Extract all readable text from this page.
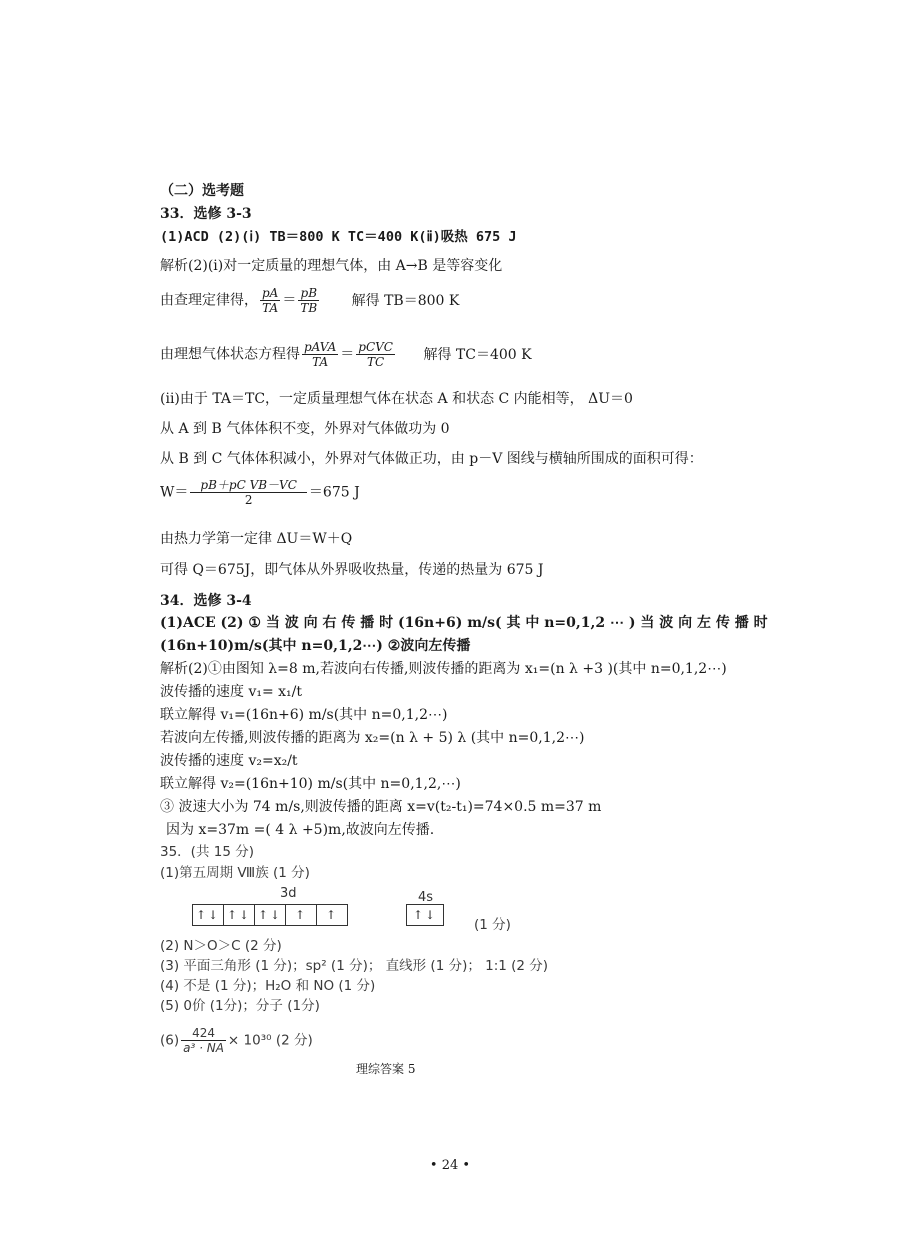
（二）选考题
33．选修 3-3
(1)ACD (2)(ⅰ) TB＝800 K TC＝400 K(ⅱ)吸热 675 J
解析(2)(ⅰ)对一定质量的理想气体，由 A→B 是等容变化
由查理定律得， $\frac{pA}{TA} = \frac{pB}{TB}$ 解得 TB＝800 K
由理想气体状态方程得 $\frac{\text{pAVA}}{TA} = \frac{\text{pCVC}}{TC}$ 解得 TC＝400 K
(ⅱ)由于 TA＝TC，一定质量理想气体在状态 A 和状态 C 内能相等， ΔU＝0
从 A 到 B 气体体积不变，外界对气体做功为 0
从 B 到 C 气体体积减小，外界对气体做正功，由 p－V 图线与横轴所围成的面积可得：
$W= \frac{\text{pB＋pC VB－VC}}{2} =675$ J
由热力学第一定律 ΔU＝W＋Q
可得 Q＝675J，即气体从外界吸收热量，传递的热量为 675 J
34．选修 3-4
(1)ACE (2) ① 当 波 向 右 传 播 时 (16n+6) m/s( 其 中 n=0,1,2 ⋯ ) 当 波 向 左 传 播 时
(16n+10)m/s(其中 n=0,1,2⋯) ②波向左传播
解析(2)①由图知 λ=8 m,若波向右传播,则波传播的距离为 x₁=(n λ +3 )(其中 n=0,1,2⋯)
波传播的速度 v₁= x₁/t
联立解得 v₁=(16n+6) m/s(其中 n=0,1,2⋯)
若波向左传播,则波传播的距离为 x₂=(n λ + 5) λ (其中 n=0,1,2⋯)
波传播的速度 v₂=x₂/t
联立解得 v₂=(16n+10) m/s(其中 n=0,1,2,⋯)
③ 波速大小为 74 m/s,则波传播的距离 x=v(t₂-t₁)=74×0.5 m=37 m
因为 x=37m =( 4 λ +5)m,故波向左传播.
35．(共 15 分)
(1)第五周期 Ⅷ族 (1 分)
3d
↑↓ ↑↓ ↑↓	↑	↑
4s
↑↓
(1 分)
(2) N＞O＞C (2 分)
(3) 平面三角形 (1 分)；sp² (1 分)； 直线形 (1 分)； 1:1 (2 分)
(4) 不是 (1 分)；H₂O 和 NO (1 分)
(5) 0价 (1分)；分子 (1分)
$(6) \frac{424}{\text{a³ · NA}} \times 10^{30}$ (2 分)
理综答案 5
• 24 •
